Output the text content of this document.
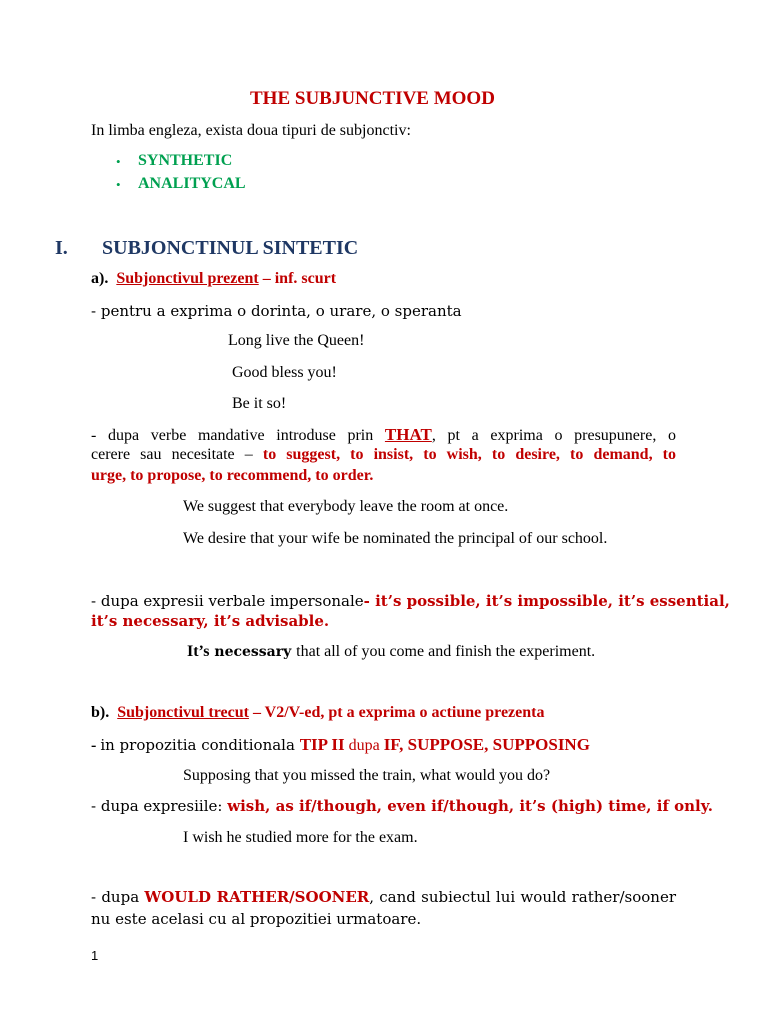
THE SUBJUNCTIVE MOOD
In limba engleza, exista doua tipuri de subjonctiv:
• SYNTHETIC
• ANALITYCAL
I. SUBJONCTINUL SINTETIC
a). Subjonctivul prezent – inf. scurt
- pentru a exprima o dorinta, o urare, o speranta
Long live the Queen!
Good bless you!
Be it so!
- dupa verbe mandative introduse prin THAT, pt a exprima o presupunere, o
cerere sau necesitate – to suggest, to insist, to wish, to desire, to demand, to
urge, to propose, to recommend, to order.
We suggest that everybody leave the room at once.
We desire that your wife be nominated the principal of our school.
- dupa expresii verbale impersonale- it’s possible, it’s impossible, it’s essential,
it’s necessary, it’s advisable.
It’s necessary that all of you come and finish the experiment.
b). Subjonctivul trecut – V2/V-ed, pt a exprima o actiune prezenta
- in propozitia conditionala TIP II dupa IF, SUPPOSE, SUPPOSING
Supposing that you missed the train, what would you do?
- dupa expresiile: wish, as if/though, even if/though, it’s (high) time, if only.
I wish he studied more for the exam.
- dupa WOULD RATHER/SOONER, cand subiectul lui would rather/sooner
nu este acelasi cu al propozitiei urmatoare.
1
